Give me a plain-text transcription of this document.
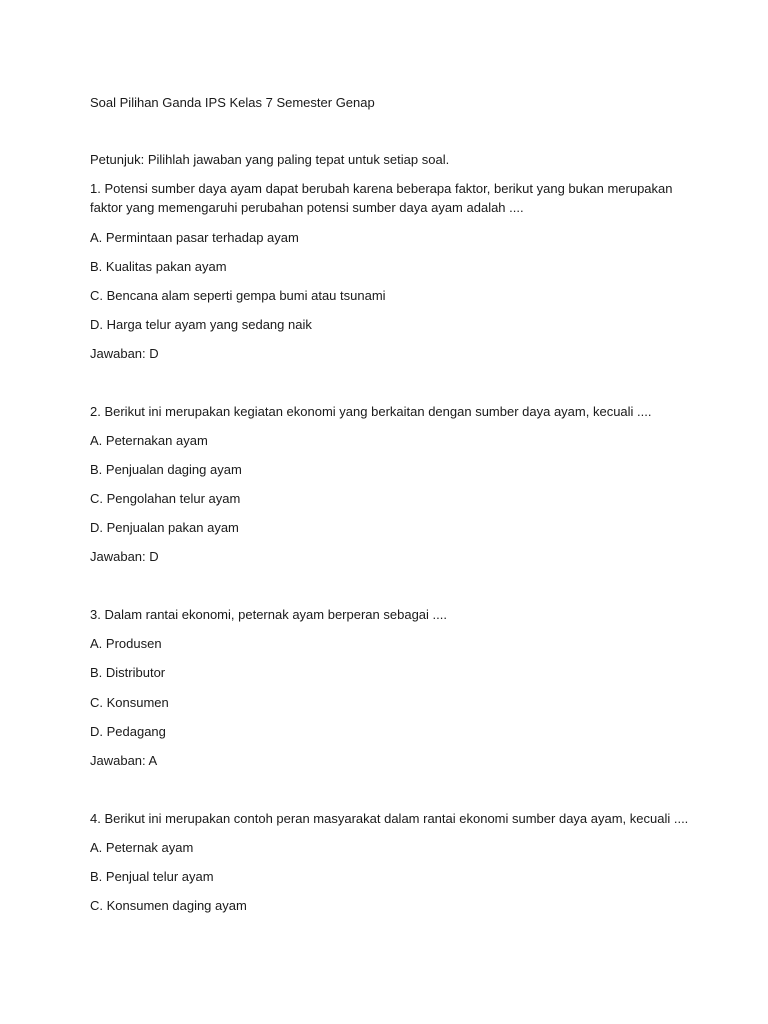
Soal Pilihan Ganda IPS Kelas 7 Semester Genap
Petunjuk: Pilihlah jawaban yang paling tepat untuk setiap soal.
1. Potensi sumber daya ayam dapat berubah karena beberapa faktor, berikut yang bukan merupakan faktor yang memengaruhi perubahan potensi sumber daya ayam adalah ....
A. Permintaan pasar terhadap ayam
B. Kualitas pakan ayam
C. Bencana alam seperti gempa bumi atau tsunami
D. Harga telur ayam yang sedang naik
Jawaban: D
2. Berikut ini merupakan kegiatan ekonomi yang berkaitan dengan sumber daya ayam, kecuali ....
A. Peternakan ayam
B. Penjualan daging ayam
C. Pengolahan telur ayam
D. Penjualan pakan ayam
Jawaban: D
3. Dalam rantai ekonomi, peternak ayam berperan sebagai ....
A. Produsen
B. Distributor
C. Konsumen
D. Pedagang
Jawaban: A
4. Berikut ini merupakan contoh peran masyarakat dalam rantai ekonomi sumber daya ayam, kecuali ....
A. Peternak ayam
B. Penjual telur ayam
C. Konsumen daging ayam
